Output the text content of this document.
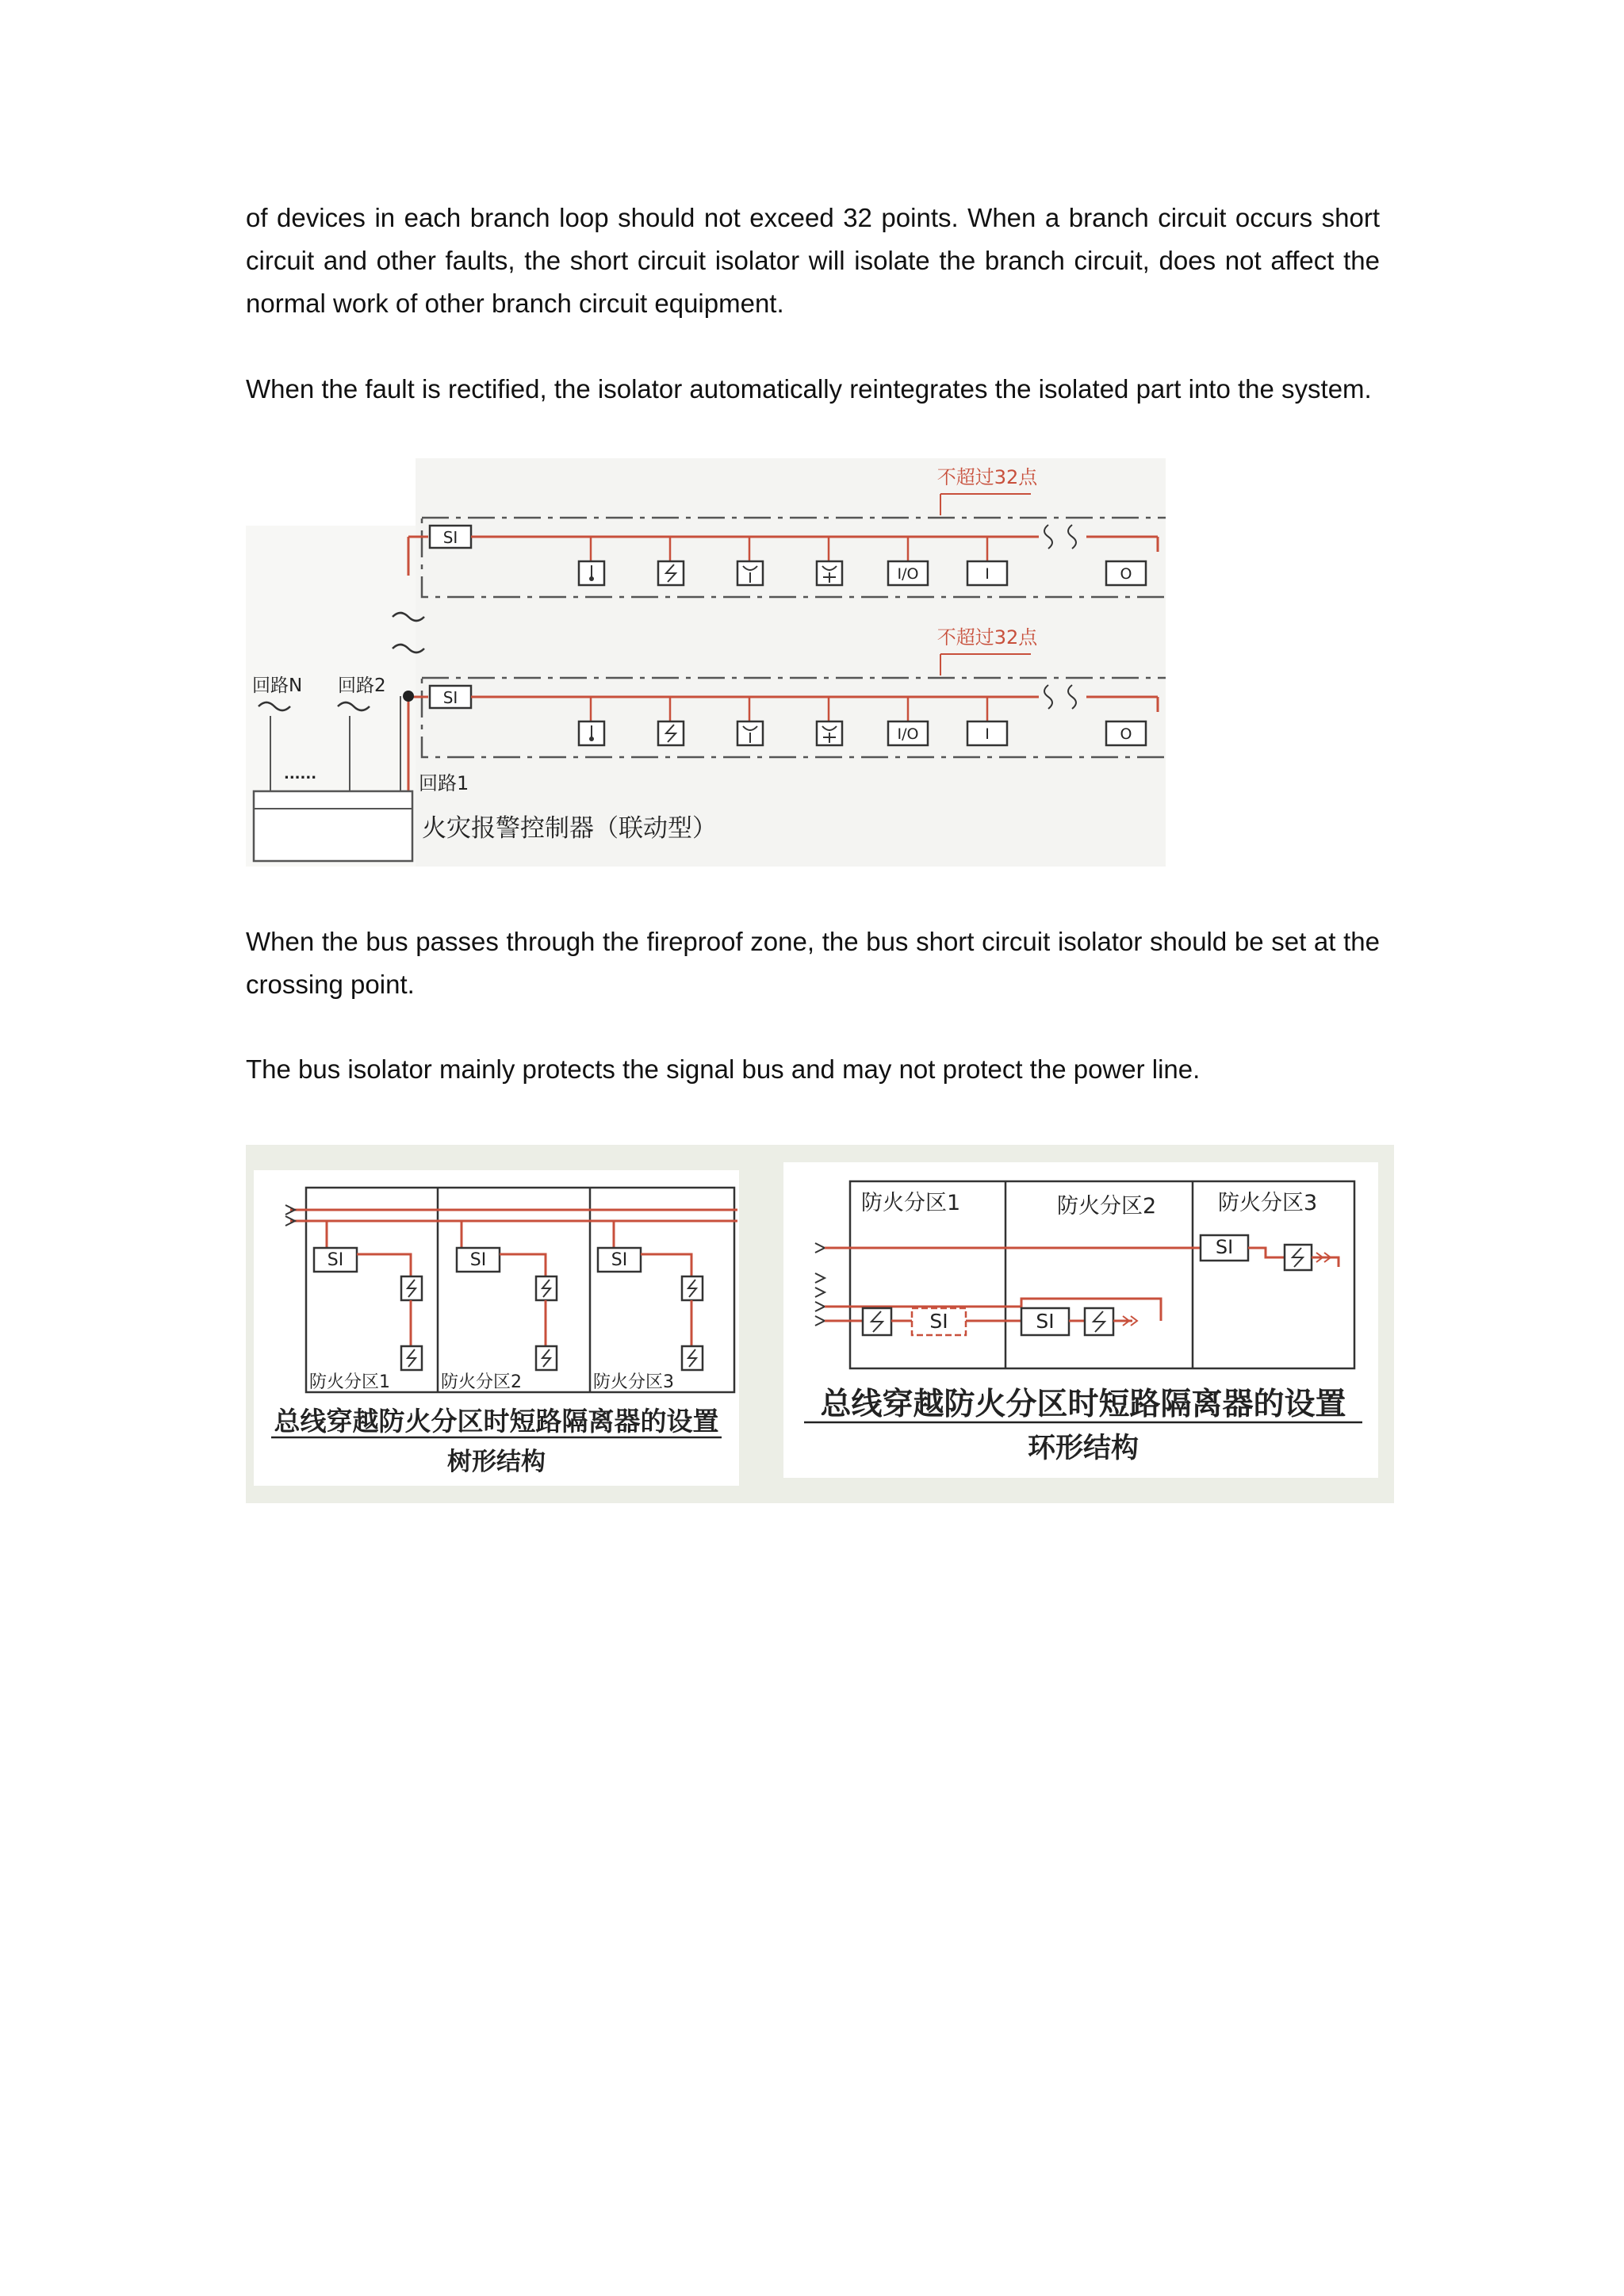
of devices in each branch loop should not exceed 32 points. When a branch circuit occurs short circuit and other faults, the short circuit isolator will isolate the branch circuit, does not affect the normal work of other branch circuit equipment.

When the fault is rectified, the isolator automatically reintegrates the isolated part into the system.

SI
I/O	I	O
不超过32点
SI
I/O	I	O
不超过32点
回路N 回路2
......	回路1
火灾报警控制器（联动型）

When the bus passes through the fireproof zone, the bus short circuit isolator should be set at the crossing point.

The bus isolator mainly protects the signal bus and may not protect the power line.

SI	SI	SI
防火分区1	防火分区2	防火分区3
总线穿越防火分区时短路隔离器的设置
树形结构
防火分区1	防火分区2	防火分区3
SI
SI	SI
总线穿越防火分区时短路隔离器的设置
环形结构
